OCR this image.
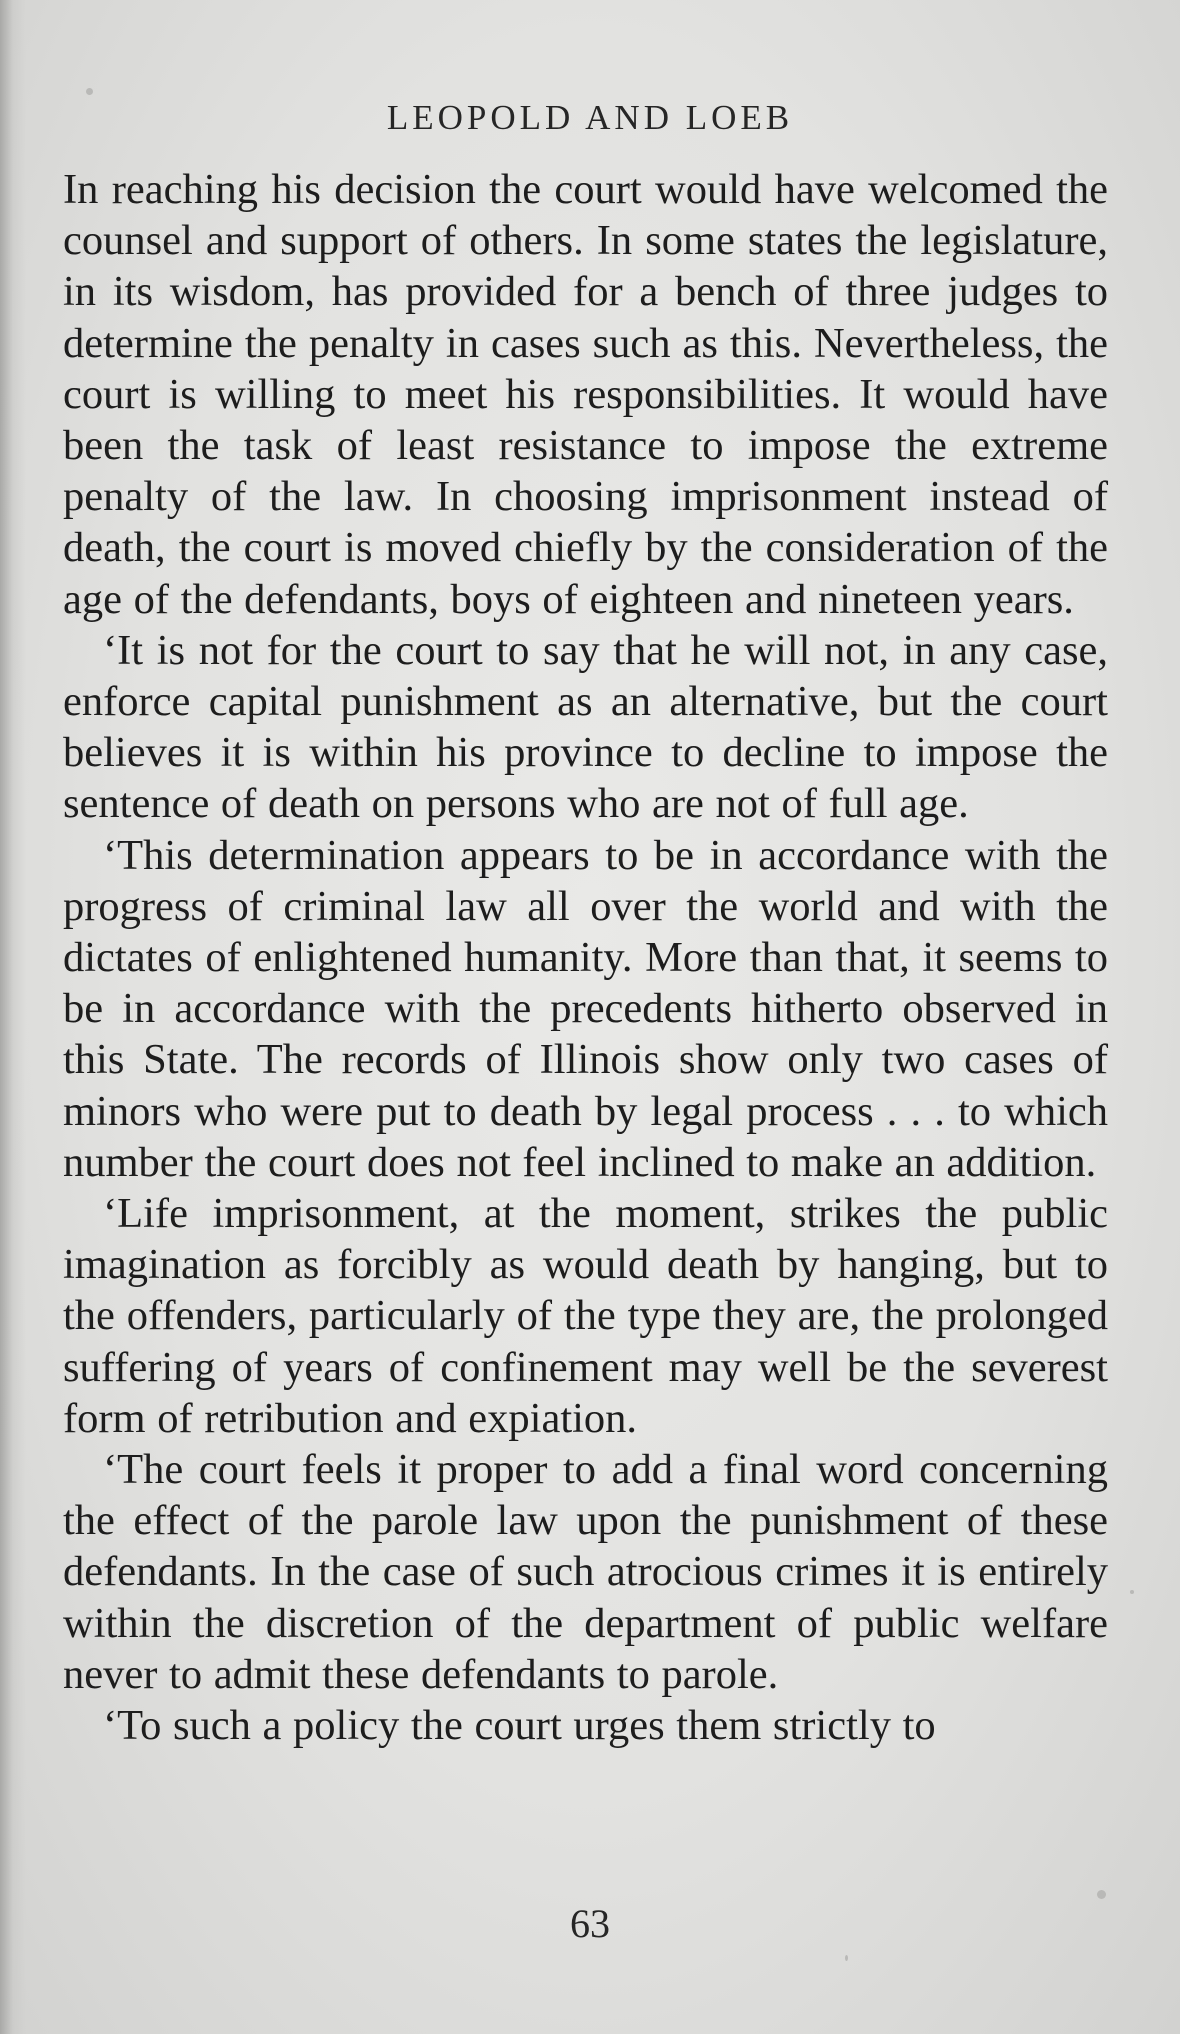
LEOPOLD AND LOEB

In reaching his decision the court would have welcomed the counsel and support of others. In some states the legislature, in its wisdom, has provided for a bench of three judges to determine the penalty in cases such as this. Nevertheless, the court is willing to meet his responsibilities. It would have been the task of least resistance to impose the extreme penalty of the law. In choosing imprisonment instead of death, the court is moved chiefly by the consideration of the age of the defendants, boys of eighteen and nineteen years.

‘It is not for the court to say that he will not, in any case, enforce capital punishment as an alternative, but the court believes it is within his province to decline to impose the sentence of death on persons who are not of full age.

‘This determination appears to be in accordance with the progress of criminal law all over the world and with the dictates of enlightened humanity. More than that, it seems to be in accordance with the precedents hitherto observed in this State. The records of Illinois show only two cases of minors who were put to death by legal process . . . to which number the court does not feel inclined to make an addition.

‘Life imprisonment, at the moment, strikes the public imagination as forcibly as would death by hanging, but to the offenders, particularly of the type they are, the prolonged suffering of years of confinement may well be the severest form of retribution and expiation.

‘The court feels it proper to add a final word concerning the effect of the parole law upon the punishment of these defendants. In the case of such atrocious crimes it is entirely within the discretion of the department of public welfare never to admit these defendants to parole.

‘To such a policy the court urges them strictly to

63
